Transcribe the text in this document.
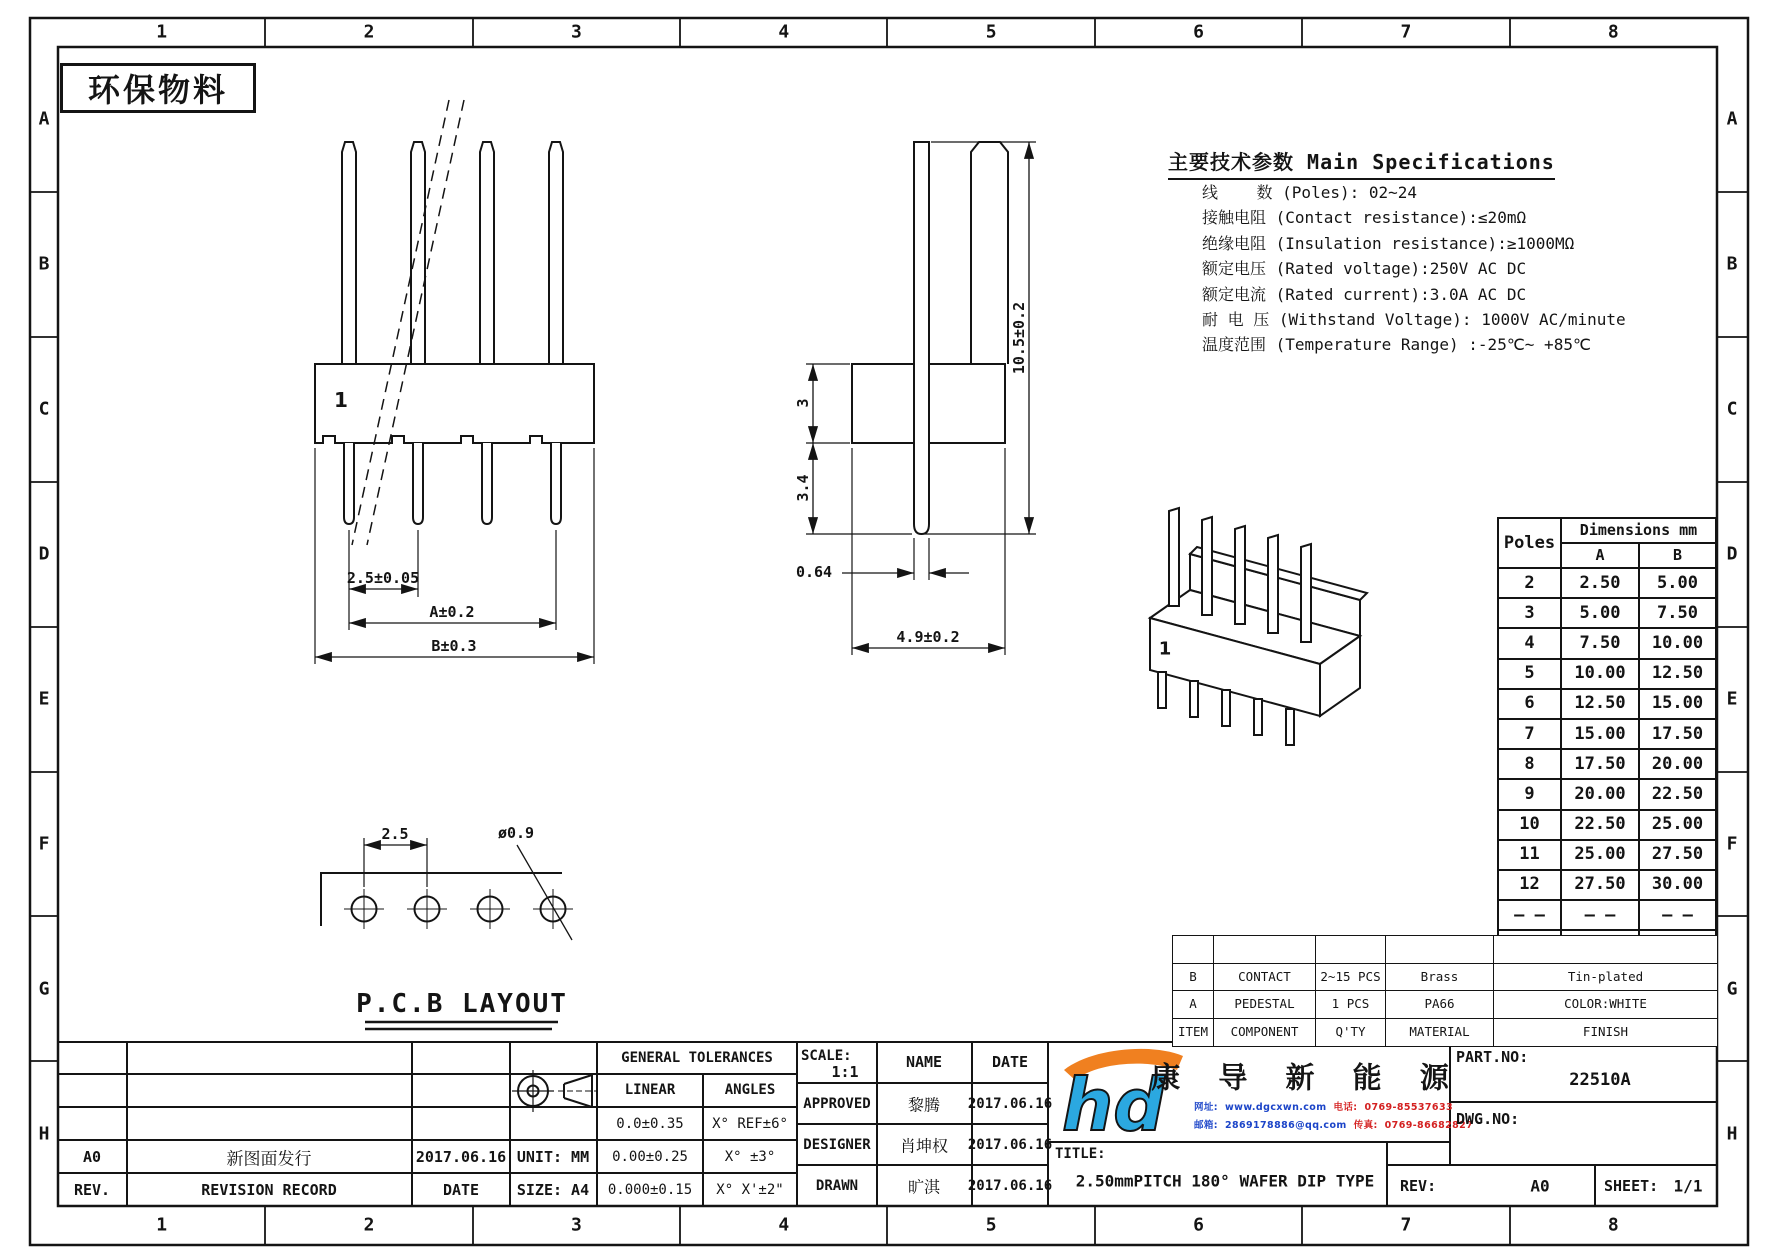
hd
环保物料
主要技术参数 Main Specifications
线    数 (Poles): 02~24
接触电阻 (Contact resistance):≤20mΩ
绝缘电阻 (Insulation resistance):≥1000MΩ
额定电压 (Rated voltage):250V AC DC
额定电流 (Rated current):3.0A AC DC
耐 电 压 (Withstand Voltage): 1000V AC/minute
温度范围 (Temperature Range) :-25℃~ +85℃
1
2.5±0.05
A±0.2
B±0.3
10.5±0.2
3
3.4
0.64
4.9±0.2
1
2.5	ø0.9
P.C.B LAYOUT
Poles	Dimensions mm	
	A	B
2	2.50	5.00
3	5.00	7.50
4	7.50	10.00
5	10.00	12.50
6	12.50	15.00
7	15.00	17.50
8	17.50	20.00
9	20.00	22.50
10	22.50	25.00
11	25.00	27.50
12	27.50	30.00
– –	– –	– –

B	CONTACT	2~15 PCS	Brass	Tin-plated
A	PEDESTAL	1 PCS	PA66	COLOR:WHITE
ITEM	COMPONENT	Q'TY	MATERIAL	FINISH
A0	新图面发行	2017.06.16
REV.	REVISION RECORD	DATE
UNIT: MM
SIZE: A4
GENERAL TOLERANCES
LINEAR	ANGLES
SCALE:
1:1
NAME	DATE	康 导 新 能 源
网址: www.dgcxwn.com 电话: 0769-85537633
邮箱: 2869178886@qq.com 传真: 0769-86682827
TITLE:
2.50mmPITCH 180° WAFER DIP TYPE
PART.NO:
22510A
DWG.NO:
REV:	A0	SHEET: 1/1
1
1
2
2
3
3
4
4
5
5
6
6
7
7
8
8
A	A
B	B
C	C
D	D
E	E
F	F
G	G
H	H
0.0±0.35 X° REF±6°
0.00±0.25	X° ±3°
0.000±0.15 X° X'±2"
APPROVED 黎腾 2017.06.16
DESIGNER 肖坤权 2017.06.16
DRAWN	旷淇 2017.06.16
